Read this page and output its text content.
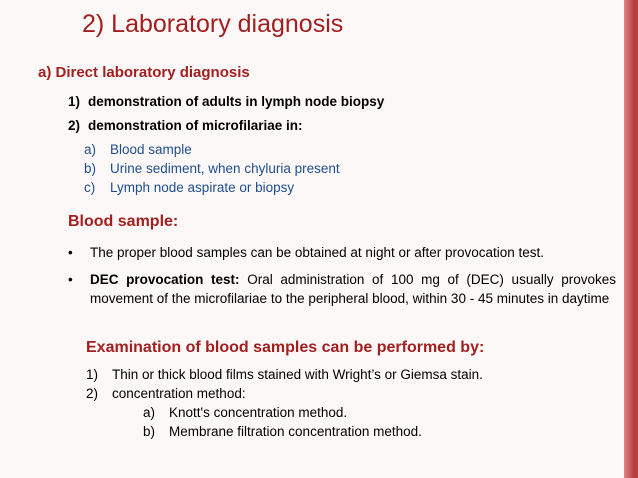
2) Laboratory diagnosis
a) Direct laboratory diagnosis
1) demonstration of adults in lymph node biopsy
2) demonstration of microfilariae in:
a) Blood sample
b) Urine sediment, when chyluria present
c) Lymph node aspirate or biopsy
Blood sample:
• The proper blood samples can be obtained at night or after provocation test.
• DEC provocation test: Oral administration of 100 mg of (DEC) usually provokes movement of the microfilariae to the peripheral blood, within 30 - 45 minutes in daytime
Examination of blood samples can be performed by:
1) Thin or thick blood films stained with Wright’s or Giemsa stain.
2) concentration method:
a) Knott's concentration method.
b) Membrane filtration concentration method.
